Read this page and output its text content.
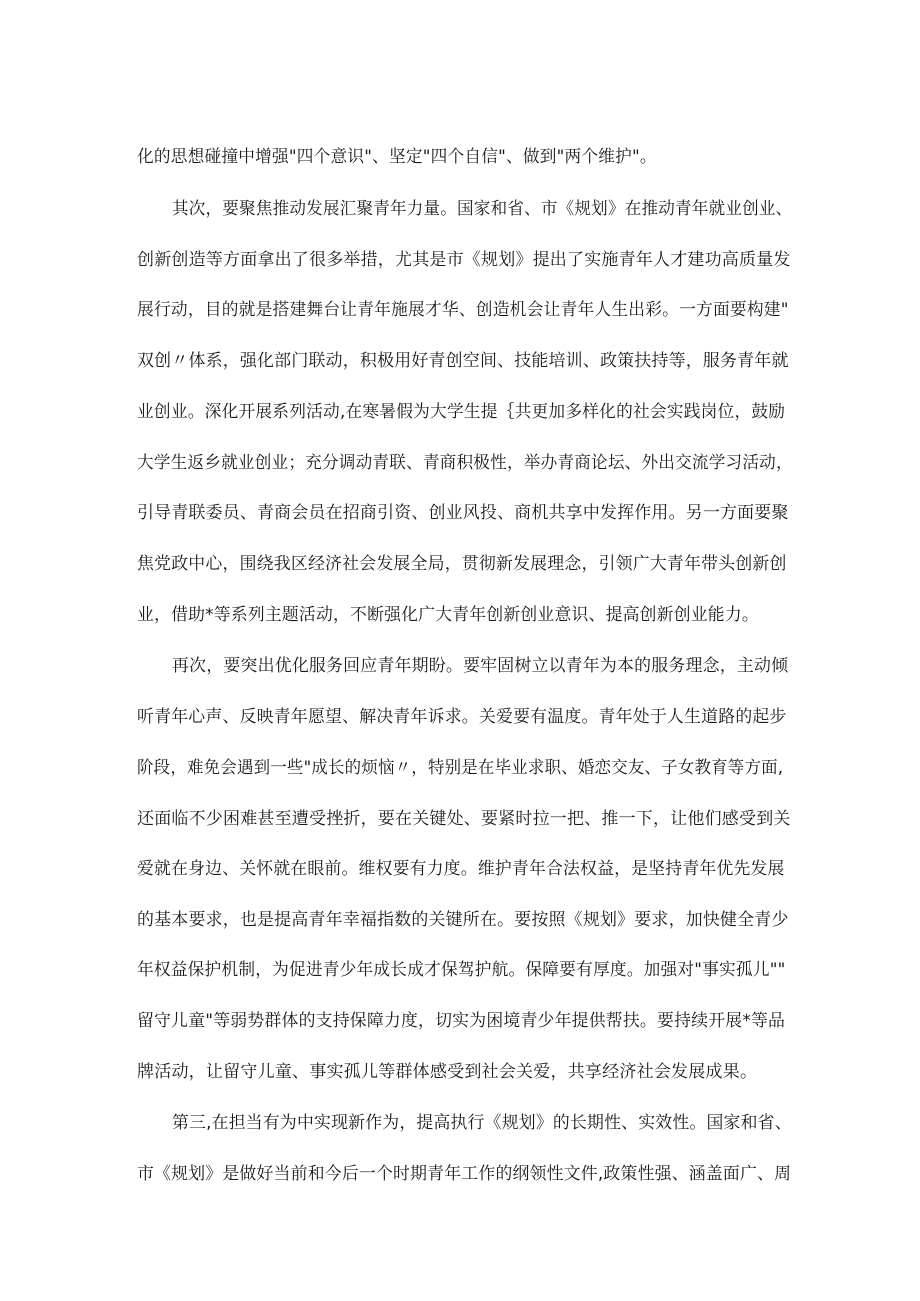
化的思想碰撞中增强"四个意识"、坚定"四个自信"、做到"两个维护"。
其次，要聚焦推动发展汇聚青年力量。国家和省、市《规划》在推动青年就业创业、
创新创造等方面拿出了很多举措，尤其是市《规划》提出了实施青年人才建功高质量发
展行动，目的就是搭建舞台让青年施展才华、创造机会让青年人生出彩。一方面要构建"
双创〃体系，强化部门联动，积极用好青创空间、技能培训、政策扶持等，服务青年就
业创业。深化开展系列活动,在寒暑假为大学生提｛共更加多样化的社会实践岗位，鼓励
大学生返乡就业创业；充分调动青联、青商积极性，举办青商论坛、外出交流学习活动，
引导青联委员、青商会员在招商引资、创业风投、商机共享中发挥作用。另一方面要聚
焦党政中心，围绕我区经济社会发展全局，贯彻新发展理念，引领广大青年带头创新创
业，借助*等系列主题活动，不断强化广大青年创新创业意识、提高创新创业能力。
再次，要突出优化服务回应青年期盼。要牢固树立以青年为本的服务理念，主动倾
听青年心声、反映青年愿望、解决青年诉求。关爱要有温度。青年处于人生道路的起步
阶段，难免会遇到一些"成长的烦恼〃，特别是在毕业求职、婚恋交友、子女教育等方面,
还面临不少困难甚至遭受挫折，要在关键处、要紧时拉一把、推一下，让他们感受到关
爱就在身边、关怀就在眼前。维权要有力度。维护青年合法权益，是坚持青年优先发展
的基本要求，也是提高青年幸福指数的关键所在。要按照《规划》要求，加快健全青少
年权益保护机制，为促进青少年成长成才保驾护航。保障要有厚度。加强对"事实孤儿""
留守儿童"等弱势群体的支持保障力度，切实为困境青少年提供帮扶。要持续开展*等品
牌活动，让留守儿童、事实孤儿等群体感受到社会关爱，共享经济社会发展成果。
第三,在担当有为中实现新作为，提高执行《规划》的长期性、实效性。国家和省、
市《规划》是做好当前和今后一个时期青年工作的纲领性文件,政策性强、涵盖面广、周
